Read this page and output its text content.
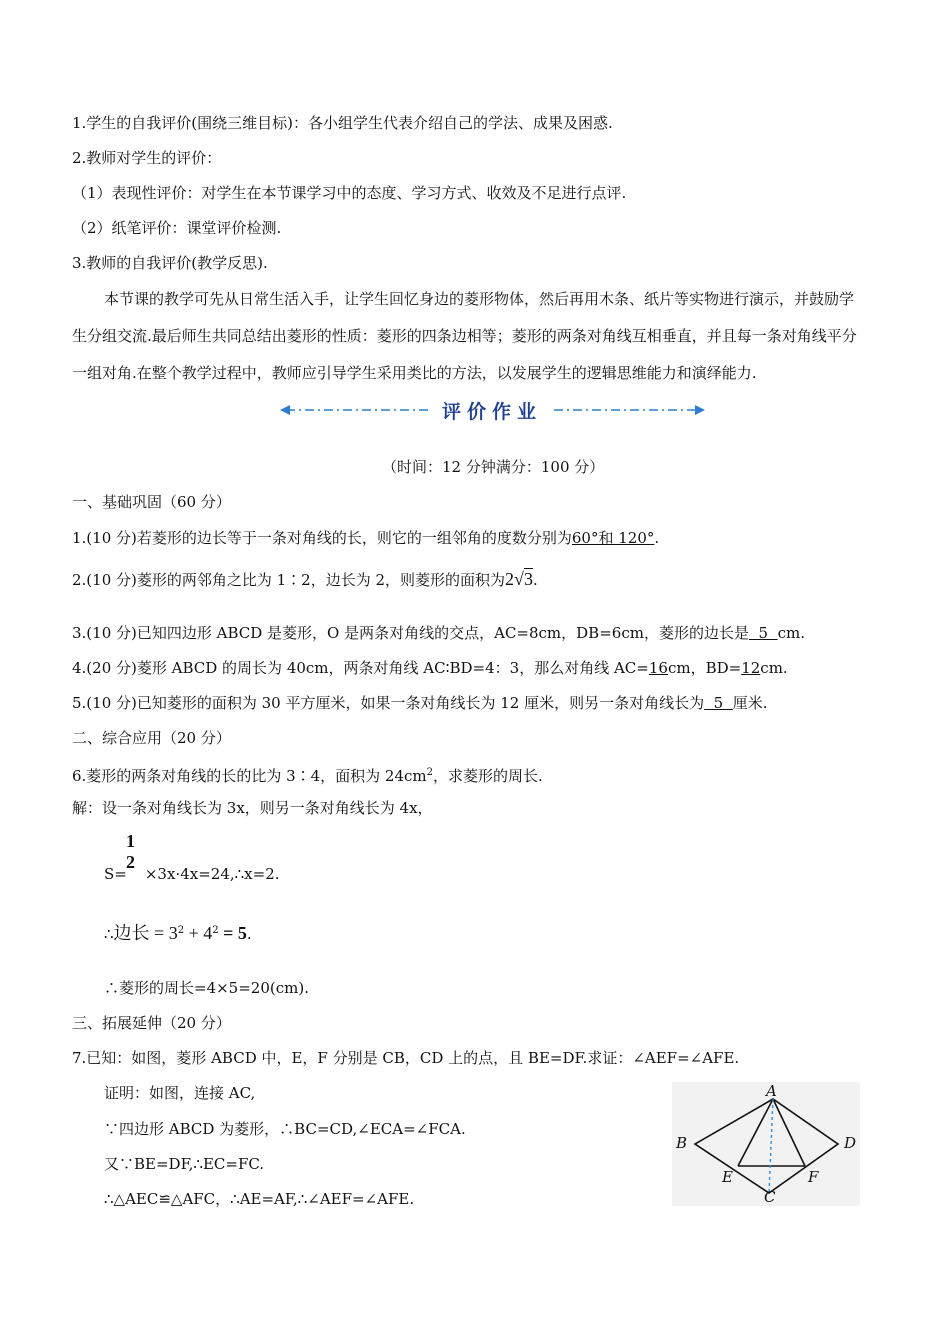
1.学生的自我评价(围绕三维目标)：各小组学生代表介绍自己的学法、成果及困惑.
2.教师对学生的评价：
（1）表现性评价：对学生在本节课学习中的态度、学习方式、收效及不足进行点评.
（2）纸笔评价：课堂评价检测.
3.教师的自我评价(教学反思).
本节课的教学可先从日常生活入手，让学生回忆身边的菱形物体，然后再用木条、纸片等实物进行演示，并鼓励学
生分组交流.最后师生共同总结出菱形的性质：菱形的四条边相等；菱形的两条对角线互相垂直，并且每一条对角线平分
一组对角.在整个教学过程中，教师应引导学生采用类比的方法，以发展学生的逻辑思维能力和演绎能力.
评价作业
（时间：12 分钟满分：100 分）
一、基础巩固（60 分）
1.(10 分)若菱形的边长等于一条对角线的长，则它的一组邻角的度数分别为60°和 120°.
2.(10 分)菱形的两邻角之比为 1∶2，边长为 2，则菱形的面积为2√3.
3.(10 分)已知四边形 ABCD 是菱形，O 是两条对角线的交点，AC=8cm，DB=6cm，菱形的边长是  5  cm.
4.(20 分)菱形 ABCD 的周长为 40cm，两条对角线 AC∶BD=4：3，那么对角线 AC=16cm，BD=12cm.
5.(10 分)已知菱形的面积为 30 平方厘米，如果一条对角线长为 12 厘米，则另一条对角线长为  5  厘米.
二、综合应用（20 分）
6.菱形的两条对角线的长的比为 3∶4，面积为 $24cm^2$，求菱形的周长.
解：设一条对角线长为 3x，则另一条对角线长为 4x，
1
2
S= ×3x·4x=24,∴x=2.
∴边长 = $3^2 + 4^2 = 5$.
∴菱形的周长=4×5=20(cm).
三、拓展延伸（20 分）
7.已知：如图，菱形 ABCD 中，E，F 分别是 CB，CD 上的点，且 BE=DF.求证：∠AEF=∠AFE.
证明：如图，连接 AC,
∵四边形 ABCD 为菱形，∴BC=CD,∠ECA=∠FCA.
又∵BE=DF,∴EC=FC.
∴△AEC≌△AFC，∴AE=AF,∴∠AEF=∠AFE.
A
B	D
E	F
C
